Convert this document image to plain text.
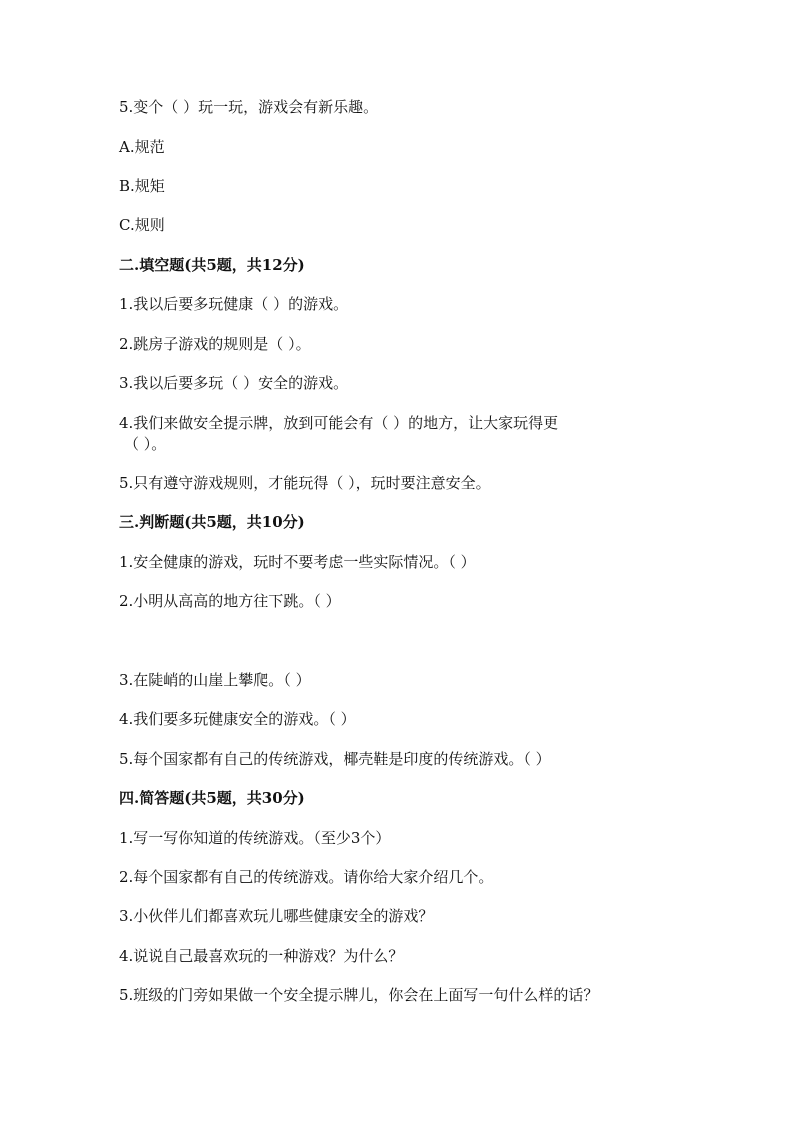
5.变个（ ）玩一玩，游戏会有新乐趣。
A.规范
B.规矩
C.规则
二.填空题(共5题，共12分)
1.我以后要多玩健康（ ）的游戏。
2.跳房子游戏的规则是（ ）。
3.我以后要多玩（ ）安全的游戏。
4.我们来做安全提示牌，放到可能会有（ ）的地方，让大家玩得更
（ ）。
5.只有遵守游戏规则，才能玩得（ ），玩时要注意安全。
三.判断题(共5题，共10分)
1.安全健康的游戏，玩时不要考虑一些实际情况。（ ）
2.小明从高高的地方往下跳。（ ）
3.在陡峭的山崖上攀爬。（ ）
4.我们要多玩健康安全的游戏。（ ）
5.每个国家都有自己的传统游戏，椰壳鞋是印度的传统游戏。（ ）
四.简答题(共5题，共30分)
1.写一写你知道的传统游戏。（至少3个）
2.每个国家都有自己的传统游戏。请你给大家介绍几个。
3.小伙伴儿们都喜欢玩儿哪些健康安全的游戏？
4.说说自己最喜欢玩的一种游戏？为什么？
5.班级的门旁如果做一个安全提示牌儿，你会在上面写一句什么样的话？
